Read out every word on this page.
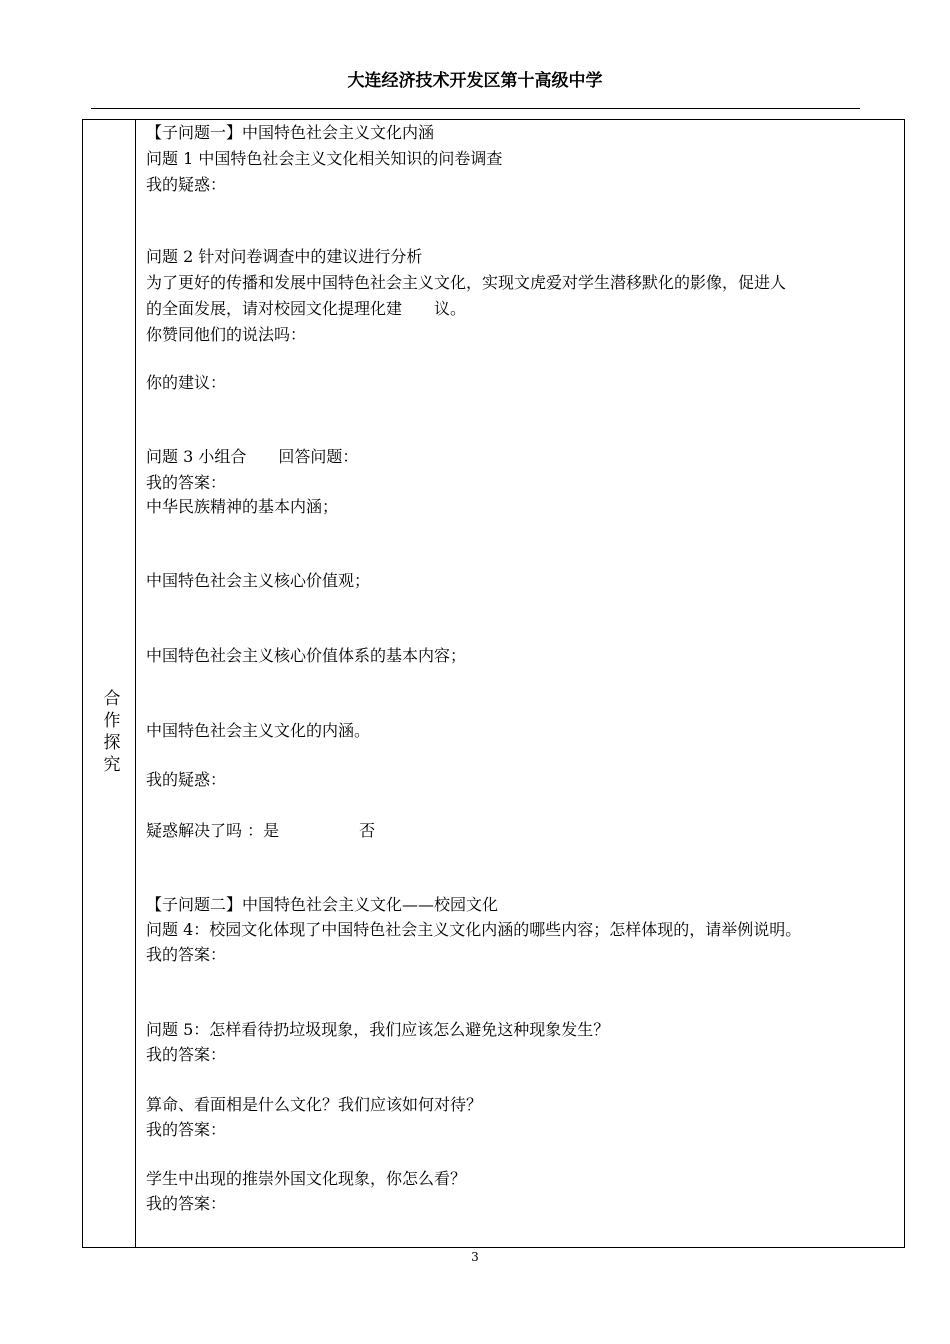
大连经济技术开发区第十高级中学
合
作
探
究
【子问题一】中国特色社会主义文化内涵
问题 1 中国特色社会主义文化相关知识的问卷调查
我的疑惑：
问题 2 针对问卷调查中的建议进行分析
为了更好的传播和发展中国特色社会主义文化，实现文虎爱对学生潜移默化的影像，促进人
的全面发展，请对校园文化提理化建　　议。
你赞同他们的说法吗：
你的建议：
问题 3 小组合　　回答问题：
我的答案：
中华民族精神的基本内涵；
中国特色社会主义核心价值观；
中国特色社会主义核心价值体系的基本内容；
中国特色社会主义文化的内涵。
我的疑惑：
疑惑解决了吗 ：是　　　　　否
【子问题二】中国特色社会主义文化——校园文化
问题 4：校园文化体现了中国特色社会主义文化内涵的哪些内容；怎样体现的，请举例说明。
我的答案：
问题 5：怎样看待扔垃圾现象，我们应该怎么避免这种现象发生？
我的答案：
算命、看面相是什么文化？我们应该如何对待？
我的答案：
学生中出现的推崇外国文化现象，你怎么看？
我的答案：
3
